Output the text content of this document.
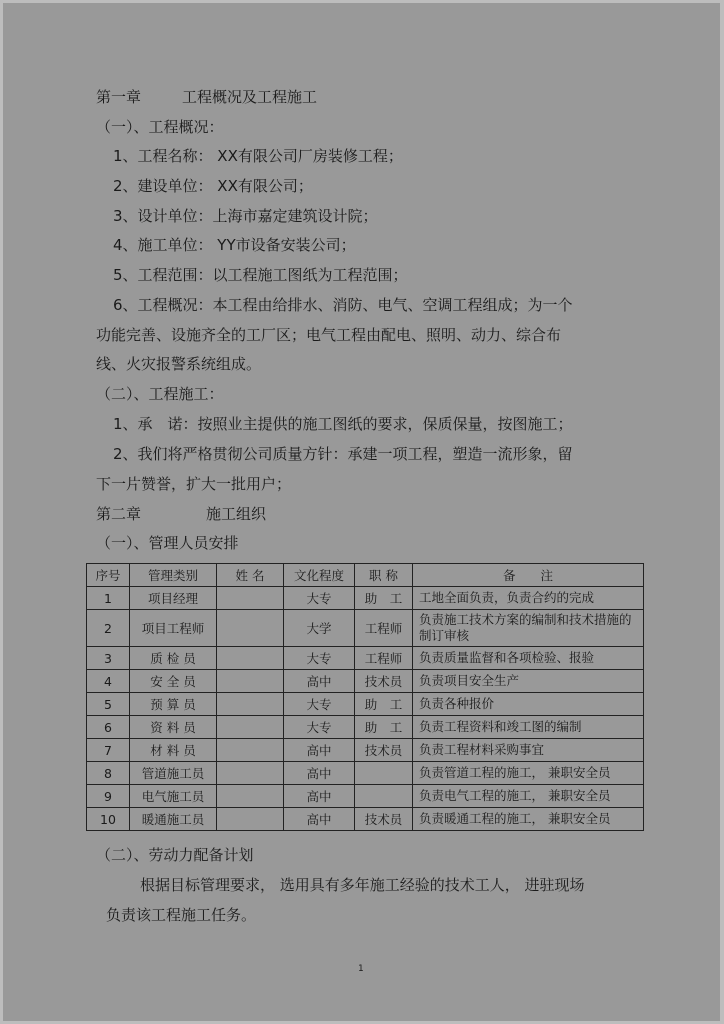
第一章	工程概况及工程施工
（一）、工程概况：
1、工程名称： XX有限公司厂房装修工程；
2、建设单位： XX有限公司；
3、设计单位：上海市嘉定建筑设计院；
4、施工单位： YY市设备安装公司；
5、工程范围：以工程施工图纸为工程范围；
6、工程概况：本工程由给排水、消防、电气、空调工程组成；为一个
功能完善、设施齐全的工厂区；电气工程由配电、照明、动力、综合布
线、火灾报警系统组成。
（二）、工程施工：
1、承　诺：按照业主提供的施工图纸的要求，保质保量，按图施工；
2、我们将严格贯彻公司质量方针：承建一项工程，塑造一流形象，留
下一片赞誉，扩大一批用户；
第二章	施工组织
（一）、管理人员安排
序号	管理类别	姓 名	文化程度	职 称	备　　注
1	项目经理		大专	助　工	工地全面负责，负责合约的完成
2	项目工程师		大学	工程师	负责施工技术方案的编制和技术措施的制订审核
3	质 检 员		大专	工程师	负责质量监督和各项检验、报验
4	安 全 员		高中	技术员	负责项目安全生产
5	预 算 员		大专	助　工	负责各种报价
6	资 料 员		大专	助　工	负责工程资料和竣工图的编制
7	材 料 员		高中	技术员	负责工程材料采购事宜
8	管道施工员		高中		负责管道工程的施工， 兼职安全员
9	电气施工员		高中		负责电气工程的施工， 兼职安全员
10	暖通施工员		高中	技术员	负责暖通工程的施工， 兼职安全员
（二）、劳动力配备计划
根据目标管理要求， 选用具有多年施工经验的技术工人， 进驻现场
负责该工程施工任务。
1
